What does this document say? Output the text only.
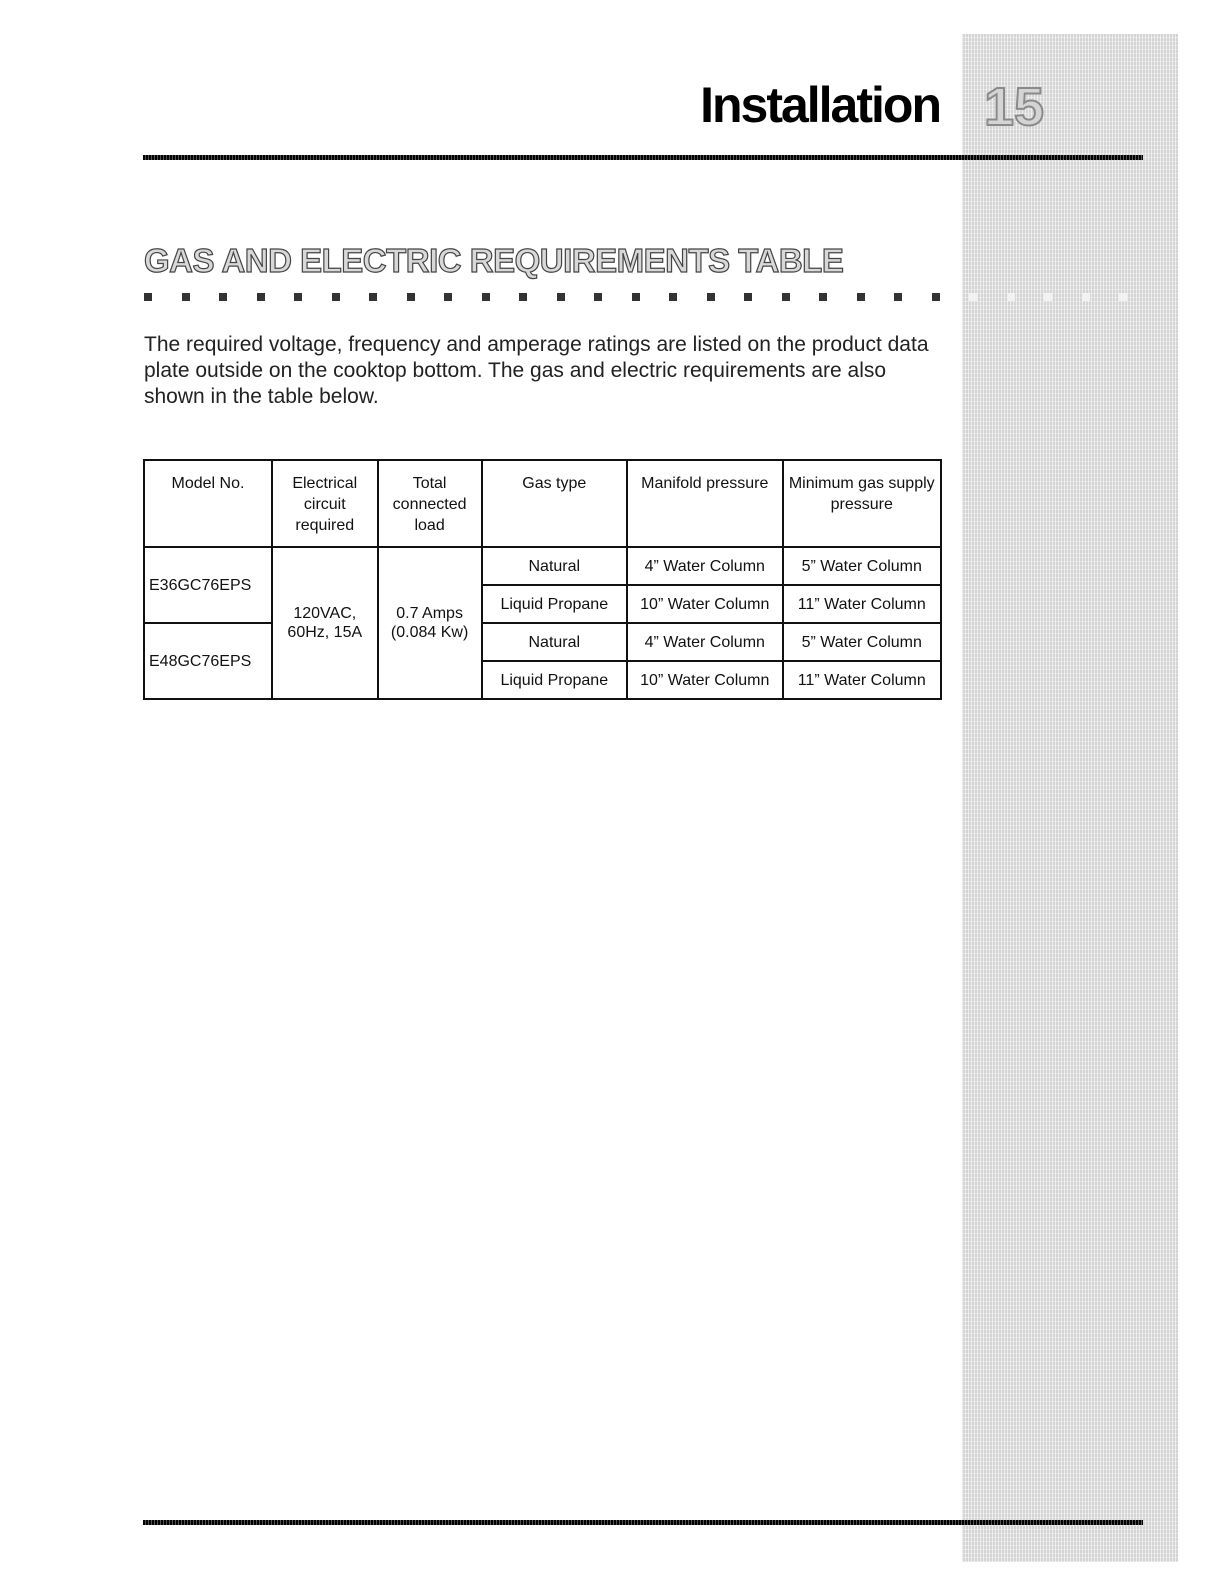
Installation 15
GAS AND ELECTRIC REQUIREMENTS TABLE

The required voltage, frequency and amperage ratings are listed on the product data plate outside on the cooktop bottom. The gas and electric requirements are also shown in the table below.

Model No.	Electrical circuit required	Total connected load	Gas type	Manifold pressure	Minimum gas supply pressure
E36GC76EPS	120VAC, 60Hz, 15A	0.7 Amps (0.084 Kw)	Natural	4” Water Column	5” Water Column
			Liquid Propane	10” Water Column	11” Water Column
E48GC76EPS			Natural	4” Water Column	5” Water Column
			Liquid Propane	10” Water Column	11” Water Column
